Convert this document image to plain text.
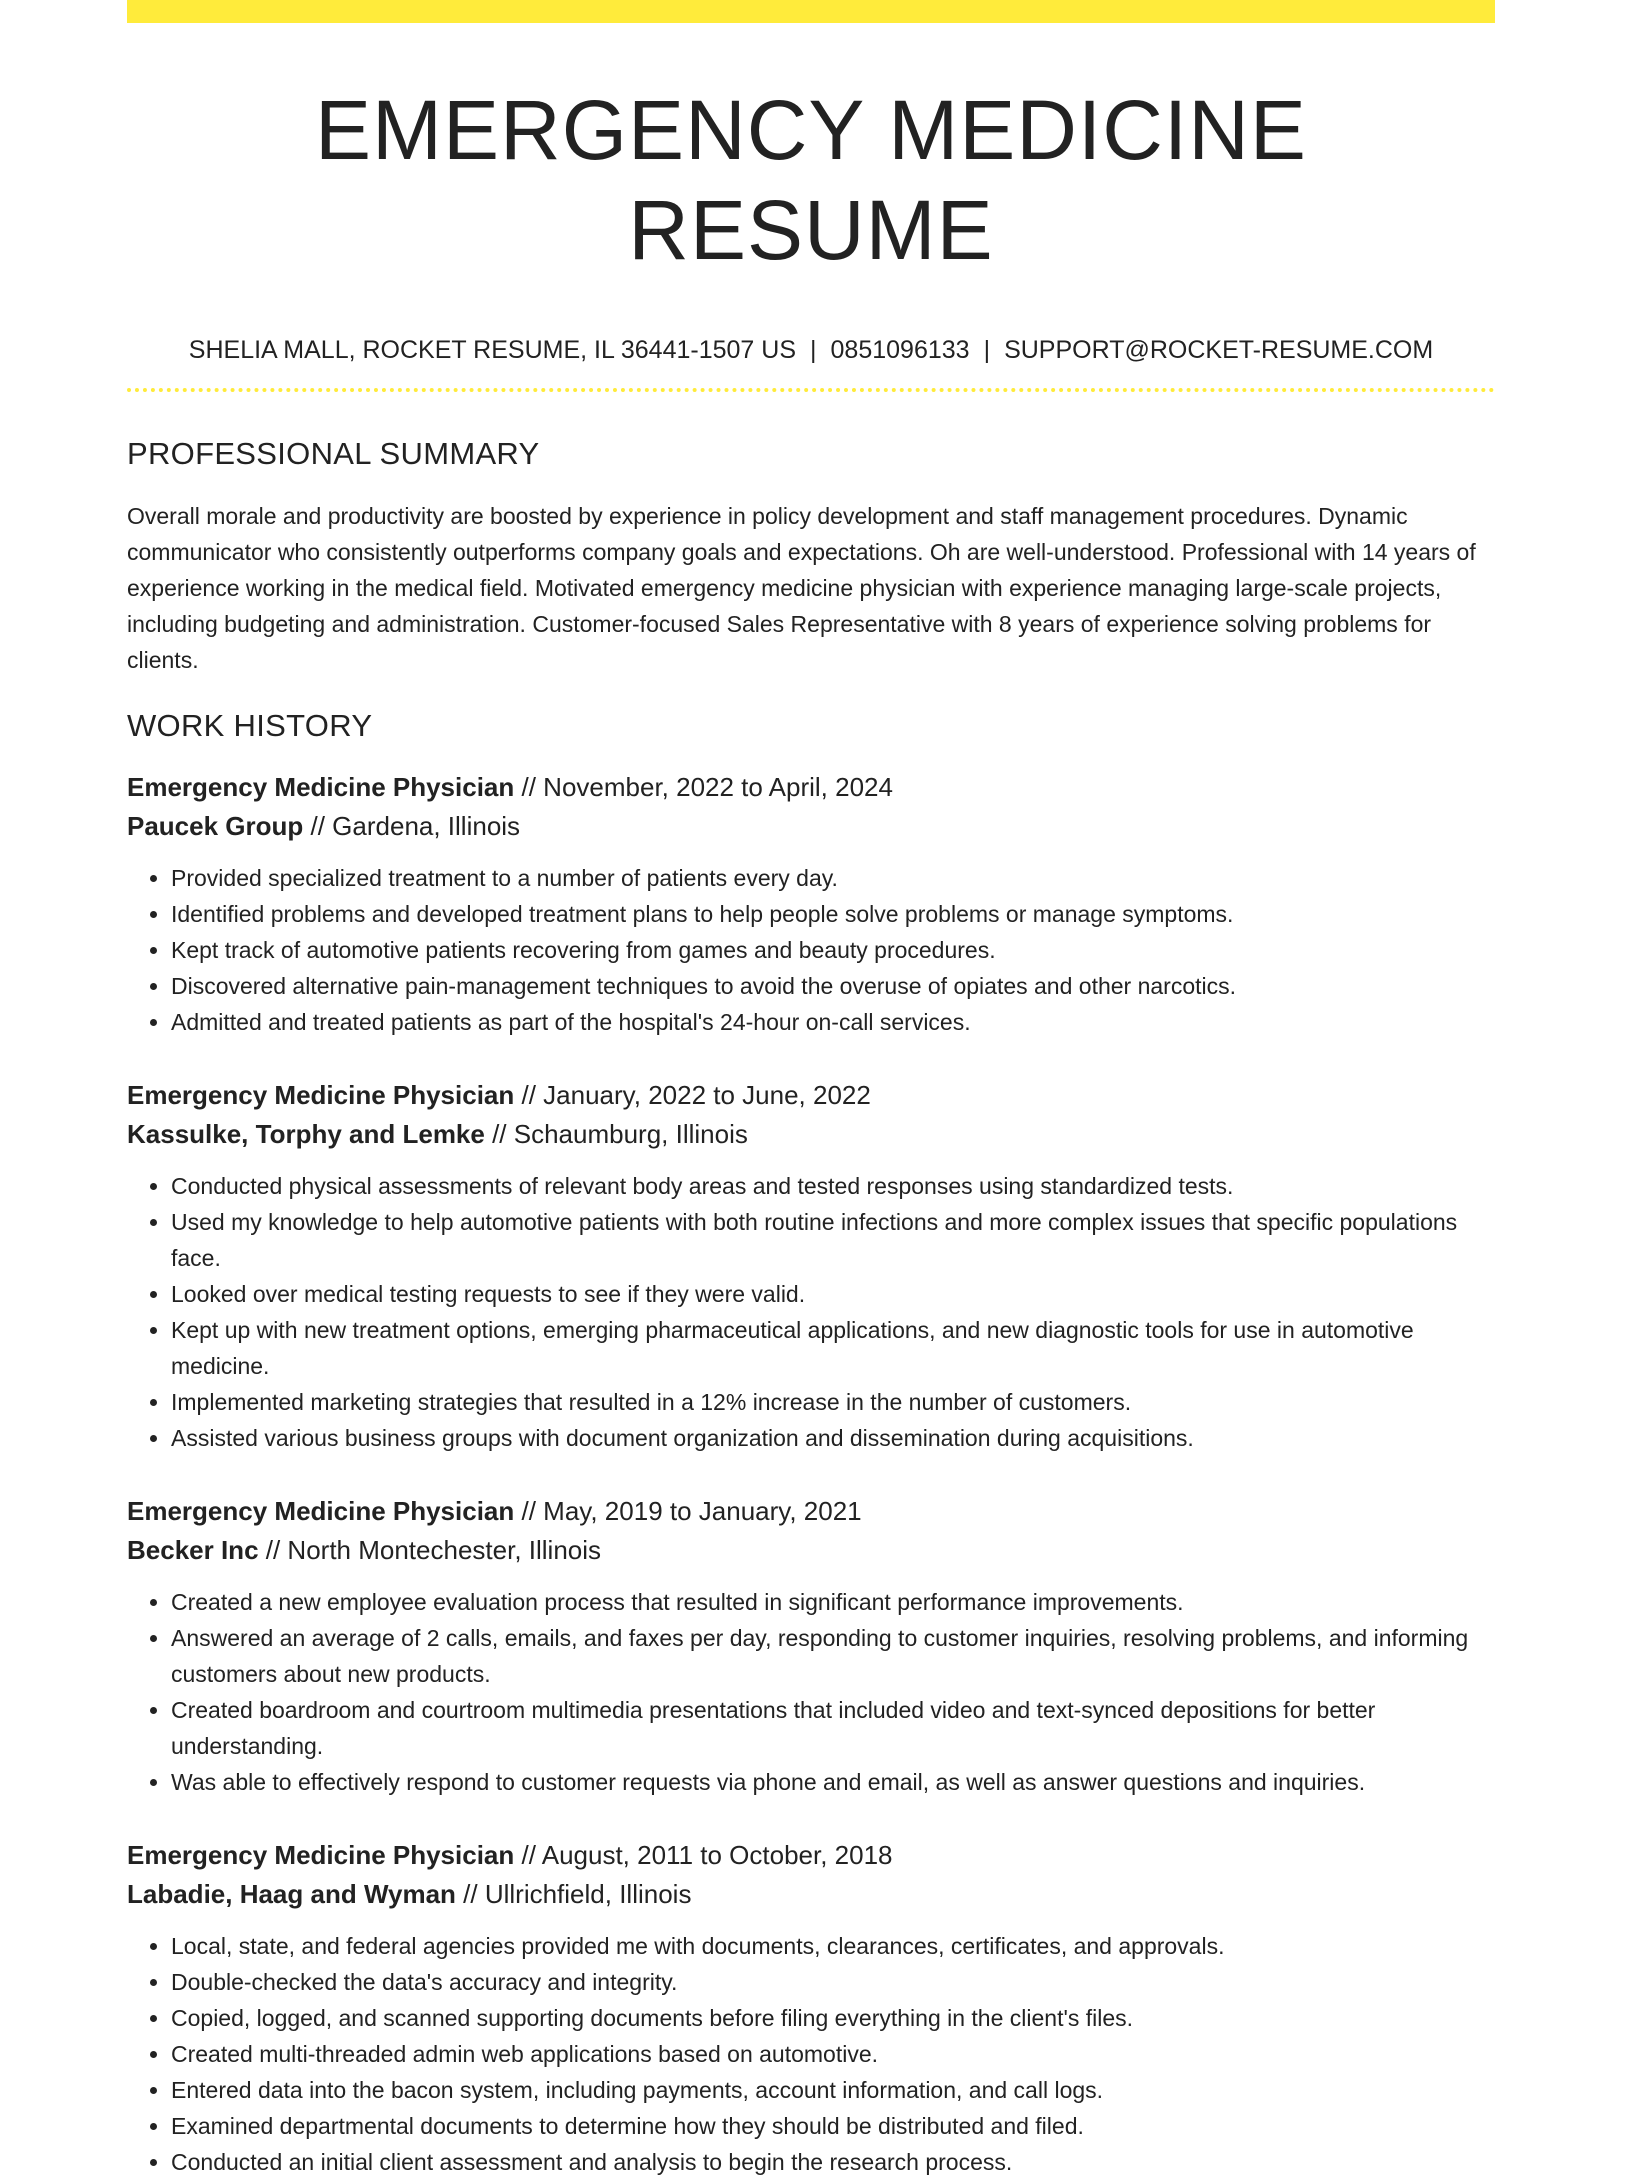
EMERGENCY MEDICINE RESUME
SHELIA MALL, ROCKET RESUME, IL 36441-1507 US | 0851096133 | SUPPORT@ROCKET-RESUME.COM
PROFESSIONAL SUMMARY
Overall morale and productivity are boosted by experience in policy development and staff management procedures. Dynamic communicator who consistently outperforms company goals and expectations. Oh are well-understood. Professional with 14 years of experience working in the medical field. Motivated emergency medicine physician with experience managing large-scale projects, including budgeting and administration. Customer-focused Sales Representative with 8 years of experience solving problems for clients.
WORK HISTORY
Emergency Medicine Physician // November, 2022 to April, 2024
Paucek Group // Gardena, Illinois
• Provided specialized treatment to a number of patients every day.
• Identified problems and developed treatment plans to help people solve problems or manage symptoms.
• Kept track of automotive patients recovering from games and beauty procedures.
• Discovered alternative pain-management techniques to avoid the overuse of opiates and other narcotics.
• Admitted and treated patients as part of the hospital's 24-hour on-call services.
Emergency Medicine Physician // January, 2022 to June, 2022
Kassulke, Torphy and Lemke // Schaumburg, Illinois
• Conducted physical assessments of relevant body areas and tested responses using standardized tests.
• Used my knowledge to help automotive patients with both routine infections and more complex issues that specific populations face.
• Looked over medical testing requests to see if they were valid.
• Kept up with new treatment options, emerging pharmaceutical applications, and new diagnostic tools for use in automotive medicine.
• Implemented marketing strategies that resulted in a 12% increase in the number of customers.
• Assisted various business groups with document organization and dissemination during acquisitions.
Emergency Medicine Physician // May, 2019 to January, 2021
Becker Inc // North Montechester, Illinois
• Created a new employee evaluation process that resulted in significant performance improvements.
• Answered an average of 2 calls, emails, and faxes per day, responding to customer inquiries, resolving problems, and informing customers about new products.
• Created boardroom and courtroom multimedia presentations that included video and text-synced depositions for better understanding.
• Was able to effectively respond to customer requests via phone and email, as well as answer questions and inquiries.
Emergency Medicine Physician // August, 2011 to October, 2018
Labadie, Haag and Wyman // Ullrichfield, Illinois
• Local, state, and federal agencies provided me with documents, clearances, certificates, and approvals.
• Double-checked the data's accuracy and integrity.
• Copied, logged, and scanned supporting documents before filing everything in the client's files.
• Created multi-threaded admin web applications based on automotive.
• Entered data into the bacon system, including payments, account information, and call logs.
• Examined departmental documents to determine how they should be distributed and filed.
• Conducted an initial client assessment and analysis to begin the research process.
